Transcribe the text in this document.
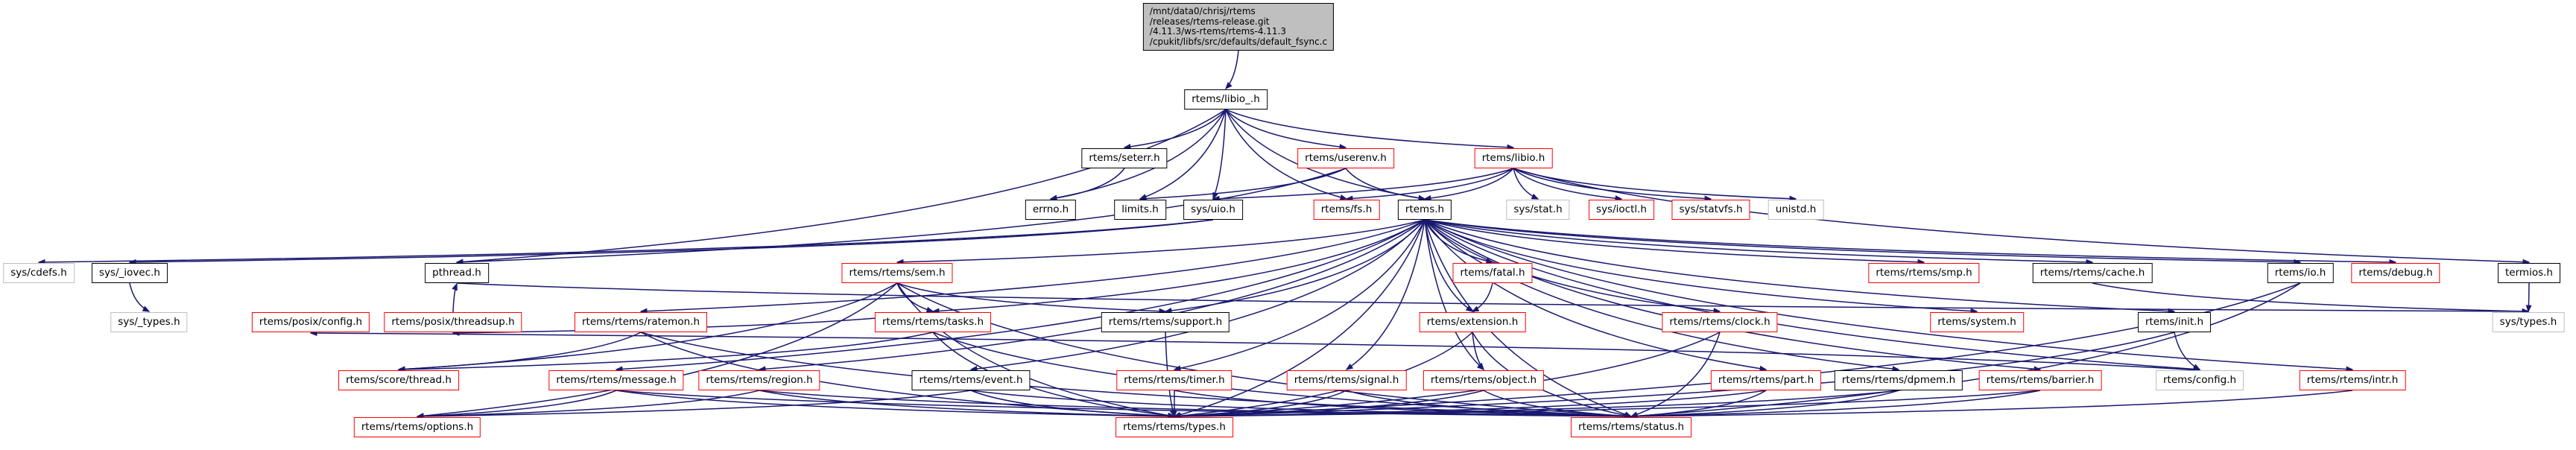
/mnt/data0/chrisj/rtems
/releases/rtems-release.git
/4.11.3/ws-rtems/rtems-4.11.3
/cpukit/libfs/src/defaults/default_fsync.c
rtems/libio_.h
rtems/seterr.h	rtems/userenv.h	rtems/libio.h
errno.h	limits.h	sys/uio.h	rtems/fs.h	rtems.h	sys/stat.h	sys/ioctl.h	sys/statvfs.h	unistd.h
sys/cdefs.h	sys/_iovec.h	pthread.h	rtems/rtems/sem.h	rtems/fatal.h	rtems/rtems/smp.h	rtems/rtems/cache.h	rtems/io.h	rtems/debug.h	termios.h
sys/_types.h	rtems/posix/config.h	rtems/posix/threadsup.h	rtems/rtems/ratemon.h	rtems/rtems/tasks.h	rtems/rtems/support.h	rtems/extension.h	rtems/rtems/clock.h	rtems/system.h	rtems/init.h	sys/types.h
rtems/score/thread.h	rtems/rtems/message.h	rtems/rtems/region.h	rtems/rtems/event.h	rtems/rtems/timer.h	rtems/rtems/signal.h	rtems/rtems/object.h	rtems/rtems/part.h	rtems/rtems/dpmem.h	rtems/rtems/barrier.h	rtems/config.h	rtems/rtems/intr.h
rtems/rtems/options.h	rtems/rtems/types.h	rtems/rtems/status.h
